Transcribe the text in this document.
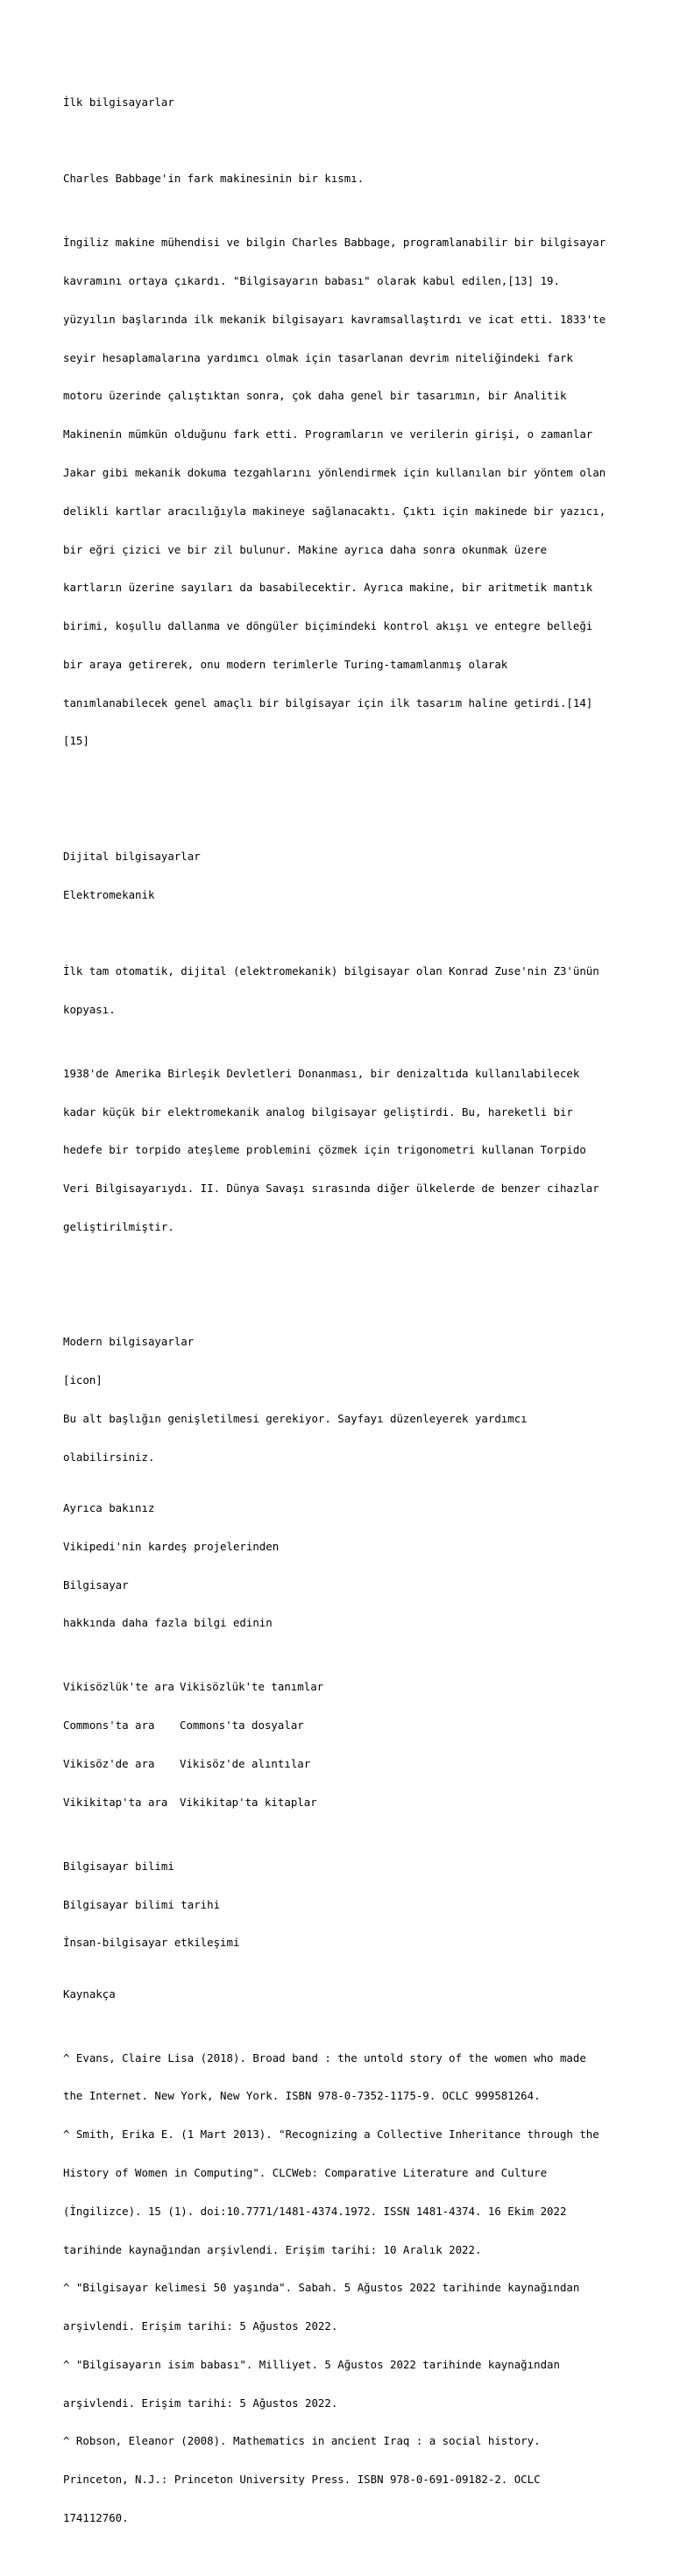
İlk bilgisayarlar

Charles Babbage'in fark makinesinin bir kısmı.

İngiliz makine mühendisi ve bilgin Charles Babbage, programlanabilir bir bilgisayar

kavramını ortaya çıkardı. "Bilgisayarın babası" olarak kabul edilen,[13] 19.

yüzyılın başlarında ilk mekanik bilgisayarı kavramsallaştırdı ve icat etti. 1833'te

seyir hesaplamalarına yardımcı olmak için tasarlanan devrim niteliğindeki fark

motoru üzerinde çalıştıktan sonra, çok daha genel bir tasarımın, bir Analitik

Makinenin mümkün olduğunu fark etti. Programların ve verilerin girişi, o zamanlar

Jakar gibi mekanik dokuma tezgahlarını yönlendirmek için kullanılan bir yöntem olan

delikli kartlar aracılığıyla makineye sağlanacaktı. Çıktı için makinede bir yazıcı,

bir eğri çizici ve bir zil bulunur. Makine ayrıca daha sonra okunmak üzere

kartların üzerine sayıları da basabilecektir. Ayrıca makine, bir aritmetik mantık

birimi, koşullu dallanma ve döngüler biçimindeki kontrol akışı ve entegre belleği

bir araya getirerek, onu modern terimlerle Turing-tamamlanmış olarak

tanımlanabilecek genel amaçlı bir bilgisayar için ilk tasarım haline getirdi.[14]

[15]

Dijital bilgisayarlar

Elektromekanik

İlk tam otomatik, dijital (elektromekanik) bilgisayar olan Konrad Zuse'nin Z3'ünün

kopyası.

1938'de Amerika Birleşik Devletleri Donanması, bir denizaltıda kullanılabilecek

kadar küçük bir elektromekanik analog bilgisayar geliştirdi. Bu, hareketli bir

hedefe bir torpido ateşleme problemini çözmek için trigonometri kullanan Torpido

Veri Bilgisayarıydı. II. Dünya Savaşı sırasında diğer ülkelerde de benzer cihazlar

geliştirilmiştir.

Modern bilgisayarlar

[icon]

Bu alt başlığın genişletilmesi gerekiyor. Sayfayı düzenleyerek yardımcı

olabilirsiniz.

Ayrıca bakınız

Vikipedi'nin kardeş projelerinden

Bilgisayar

hakkında daha fazla bilgi edinin

Vikisözlük'te ara Vikisözlük'te tanımlar

Commons'ta ara	Commons'ta dosyalar

Vikisöz'de ara	Vikisöz'de alıntılar

Vikikitap'ta ara	Vikikitap'ta kitaplar

Bilgisayar bilimi

Bilgisayar bilimi tarihi

İnsan-bilgisayar etkileşimi

Kaynakça

^ Evans, Claire Lisa (2018). Broad band : the untold story of the women who made

the Internet. New York, New York. ISBN 978-0-7352-1175-9. OCLC 999581264.

^ Smith, Erika E. (1 Mart 2013). "Recognizing a Collective Inheritance through the

History of Women in Computing". CLCWeb: Comparative Literature and Culture

(İngilizce). 15 (1). doi:10.7771/1481-4374.1972. ISSN 1481-4374. 16 Ekim 2022

tarihinde kaynağından arşivlendi. Erişim tarihi: 10 Aralık 2022.

^ "Bilgisayar kelimesi 50 yaşında". Sabah. 5 Ağustos 2022 tarihinde kaynağından

arşivlendi. Erişim tarihi: 5 Ağustos 2022.

^ "Bilgisayarın isim babası". Milliyet. 5 Ağustos 2022 tarihinde kaynağından

arşivlendi. Erişim tarihi: 5 Ağustos 2022.

^ Robson, Eleanor (2008). Mathematics in ancient Iraq : a social history.

Princeton, N.J.: Princeton University Press. ISBN 978-0-691-09182-2. OCLC

174112760.
